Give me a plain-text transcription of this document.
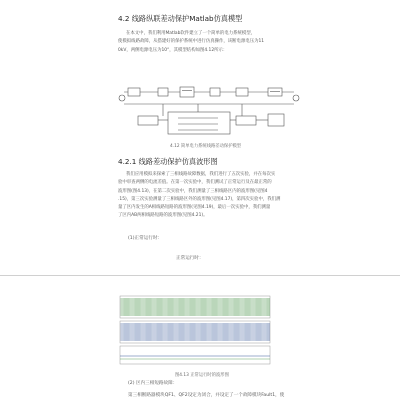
4.2 线路纵联差动保护Matlab仿真模型
在本文中，我们利用Matlab软件建立了一个简单的电力系统模型，
使模拟线路故障，从搭建好的保护系统中进行仿真操作，该断电源电压为11
0kV，两侧电源电压为10°，其模型结构如图4.12所示：
4.12 简单电力系统线路差动保护模型
4.2.1 线路差动保护仿真波形图
我们应用模拟来探索了三相线路故障数据，我们进行了五次实验，并在每次实
验中审查两侧的电流差值。在第一次实验中，我们测试了正常运行及在最正常的
波形图(图4.13)，在第二次实验中，我们测量了三相线路区内的波形图(见图4
.15)，第三次实验测量了三相线路区外的波形图(见图4.17)，第四次实验中，我们测
量了区内发生的A相线路短路的波形图(见图4.19)，最后一次实验中，我们测量
了区内AB两相线路短路的波形图(见图4.21)。
(1)正常运行时：
正常运行时：
图4.13 正常运行时的波形图
(2) 区内三相短路故障：
第三相断路器模块QF1、QF2设定为闭合，并设定了一个故障模块Fault1，使
